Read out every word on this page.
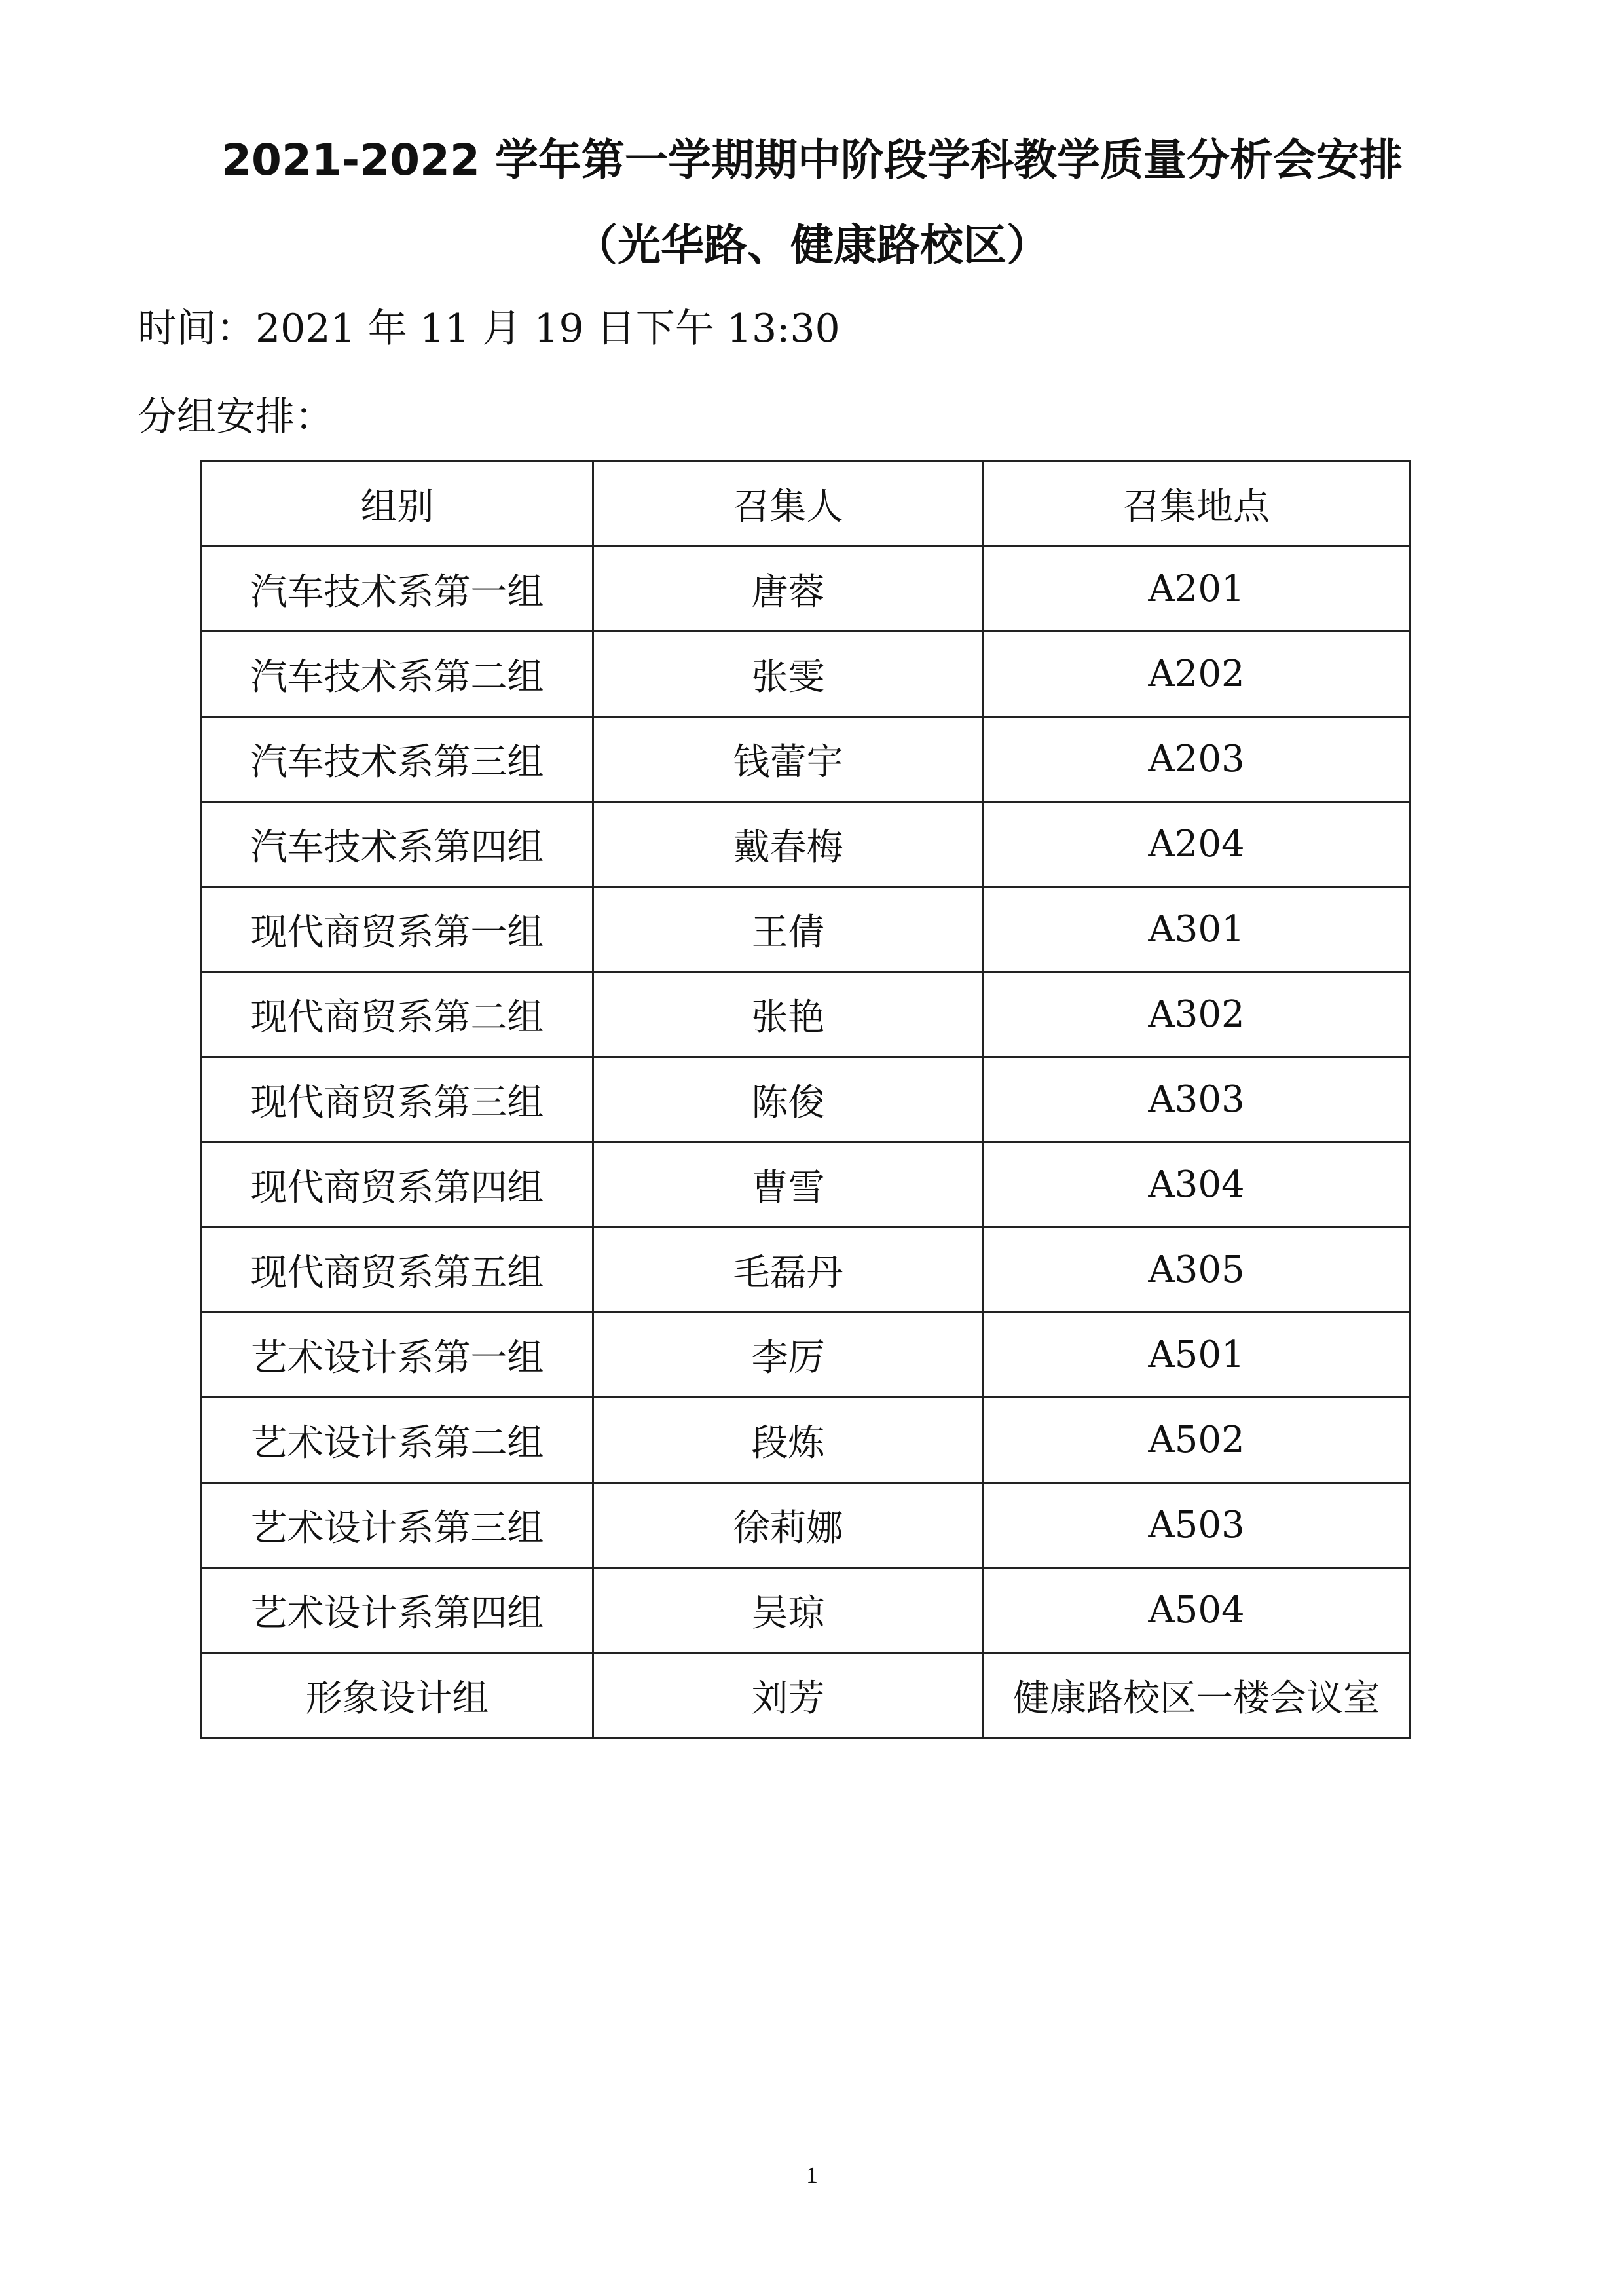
2021-2022 学年第一学期期中阶段学科教学质量分析会安排
（光华路、健康路校区）

时间：2021 年 11 月 19 日下午 13:30

分组安排：

组别	召集人	召集地点
汽车技术系第一组	唐蓉	A201
汽车技术系第二组	张雯	A202
汽车技术系第三组	钱蕾宇	A203
汽车技术系第四组	戴春梅	A204
现代商贸系第一组	王倩	A301
现代商贸系第二组	张艳	A302
现代商贸系第三组	陈俊	A303
现代商贸系第四组	曹雪	A304
现代商贸系第五组	毛磊丹	A305
艺术设计系第一组	李厉	A501
艺术设计系第二组	段炼	A502
艺术设计系第三组	徐莉娜	A503
艺术设计系第四组	吴琼	A504
形象设计组	刘芳	健康路校区一楼会议室

1
